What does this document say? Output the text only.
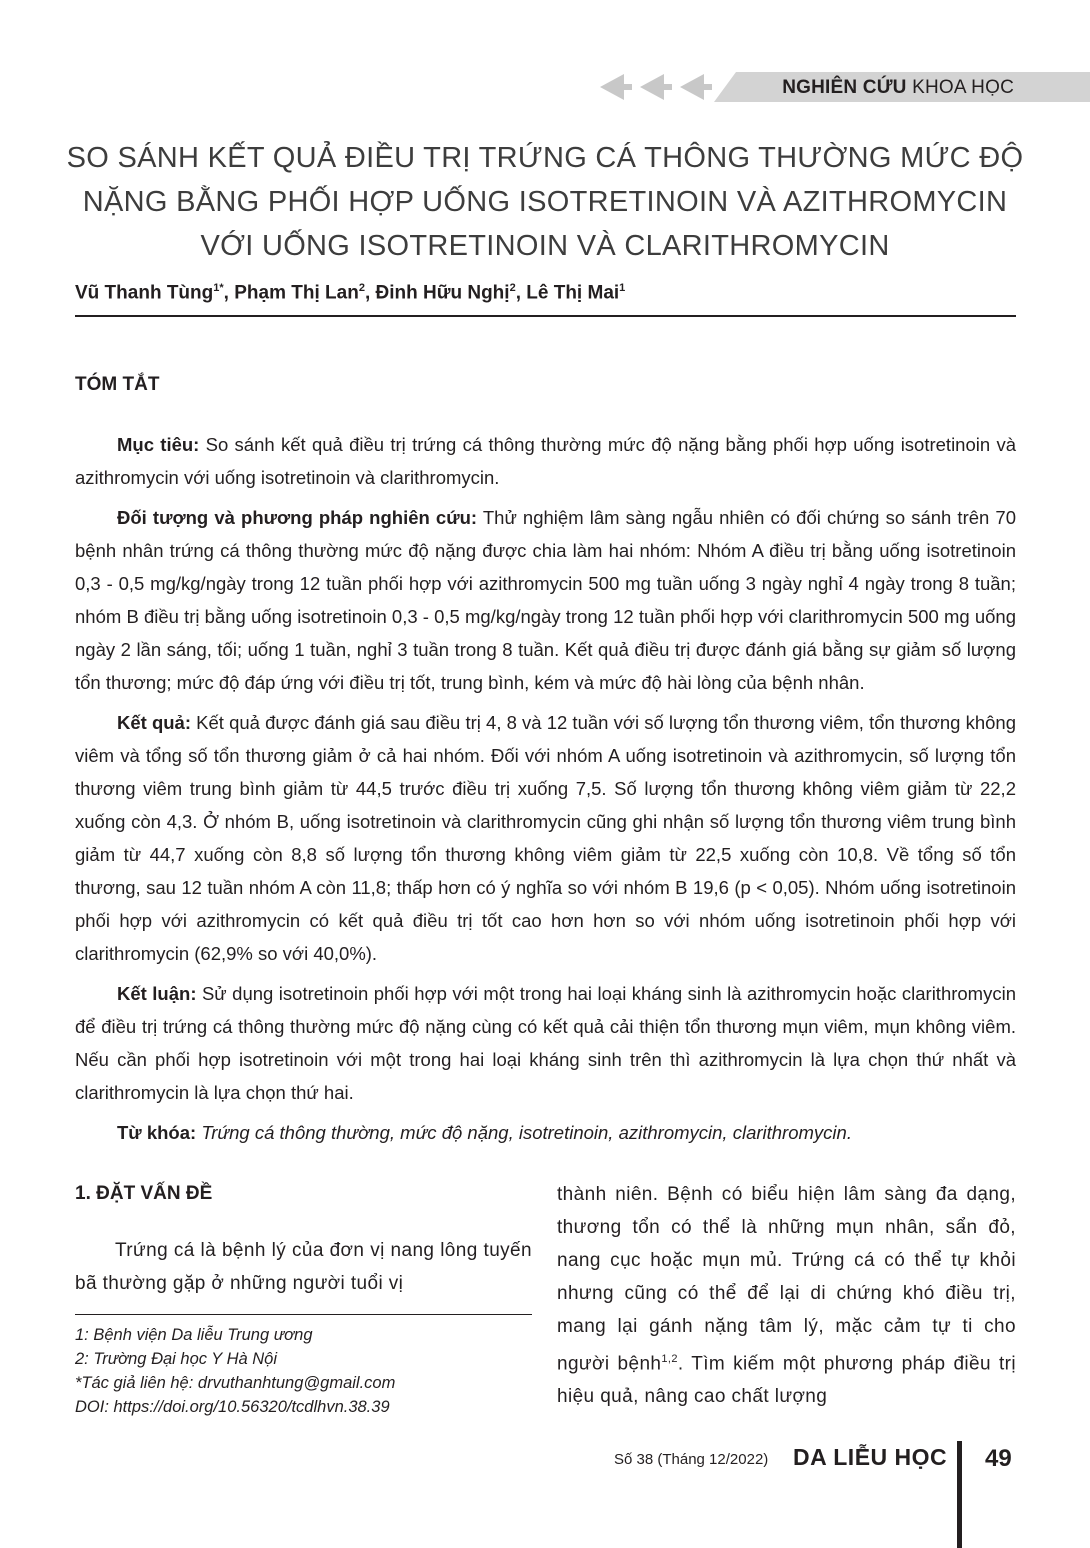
NGHIÊN CỨU KHOA HỌC
SO SÁNH KẾT QUẢ ĐIỀU TRỊ TRỨNG CÁ THÔNG THƯỜNG MỨC ĐỘ NẶNG BẰNG PHỐI HỢP UỐNG ISOTRETINOIN VÀ AZITHROMYCIN VỚI UỐNG ISOTRETINOIN VÀ CLARITHROMYCIN
Vũ Thanh Tùng$^{1*}$, Phạm Thị Lan$^2$, Đinh Hữu Nghị$^2$, Lê Thị Mai$^1$
TÓM TẮT

Mục tiêu: So sánh kết quả điều trị trứng cá thông thường mức độ nặng bằng phối hợp uống isotretinoin và azithromycin với uống isotretinoin và clarithromycin.

Đối tượng và phương pháp nghiên cứu: Thử nghiệm lâm sàng ngẫu nhiên có đối chứng so sánh trên 70 bệnh nhân trứng cá thông thường mức độ nặng được chia làm hai nhóm: Nhóm A điều trị bằng uống isotretinoin 0,3 - 0,5 mg/kg/ngày trong 12 tuần phối hợp với azithromycin 500 mg tuần uống 3 ngày nghỉ 4 ngày trong 8 tuần; nhóm B điều trị bằng uống isotretinoin 0,3 - 0,5 mg/kg/ngày trong 12 tuần phối hợp với clarithromycin 500 mg uống ngày 2 lần sáng, tối; uống 1 tuần, nghỉ 3 tuần trong 8 tuần. Kết quả điều trị được đánh giá bằng sự giảm số lượng tổn thương; mức độ đáp ứng với điều trị tốt, trung bình, kém và mức độ hài lòng của bệnh nhân.

Kết quả: Kết quả được đánh giá sau điều trị 4, 8 và 12 tuần với số lượng tổn thương viêm, tổn thương không viêm và tổng số tổn thương giảm ở cả hai nhóm. Đối với nhóm A uống isotretinoin và azithromycin, số lượng tổn thương viêm trung bình giảm từ 44,5 trước điều trị xuống 7,5. Số lượng tổn thương không viêm giảm từ 22,2 xuống còn 4,3. Ở nhóm B, uống isotretinoin và clarithromycin cũng ghi nhận số lượng tổn thương viêm trung bình giảm từ 44,7 xuống còn 8,8 số lượng tổn thương không viêm giảm từ 22,5 xuống còn 10,8. Về tổng số tổn thương, sau 12 tuần nhóm A còn 11,8; thấp hơn có ý nghĩa so với nhóm B 19,6 (p < 0,05). Nhóm uống isotretinoin phối hợp với azithromycin có kết quả điều trị tốt cao hơn hơn so với nhóm uống isotretinoin phối hợp với clarithromycin (62,9% so với 40,0%).

Kết luận: Sử dụng isotretinoin phối hợp với một trong hai loại kháng sinh là azithromycin hoặc clarithromycin để điều trị trứng cá thông thường mức độ nặng cùng có kết quả cải thiện tổn thương mụn viêm, mụn không viêm. Nếu cần phối hợp isotretinoin với một trong hai loại kháng sinh trên thì azithromycin là lựa chọn thứ nhất và clarithromycin là lựa chọn thứ hai.

Từ khóa: Trứng cá thông thường, mức độ nặng, isotretinoin, azithromycin, clarithromycin.

1. ĐẶT VẤN ĐỀ

Trứng cá là bệnh lý của đơn vị nang lông tuyến bã thường gặp ở những người tuổi vị

1: Bệnh viện Da liễu Trung ương
2: Trường Đại học Y Hà Nội
*Tác giả liên hệ: drvuthanhtung@gmail.com
DOI: https://doi.org/10.56320/tcdlhvn.38.39

thành niên. Bệnh có biểu hiện lâm sàng đa dạng, thương tổn có thể là những mụn nhân, sẩn đỏ, nang cục hoặc mụn mủ. Trứng cá có thể tự khỏi nhưng cũng có thể để lại di chứng khó điều trị, mang lại gánh nặng tâm lý, mặc cảm tự ti cho người bệnh$^{1,2}$. Tìm kiếm một phương pháp điều trị hiệu quả, nâng cao chất lượng

Số 38 (Tháng 12/2022) DA LIỄU HỌC 49
